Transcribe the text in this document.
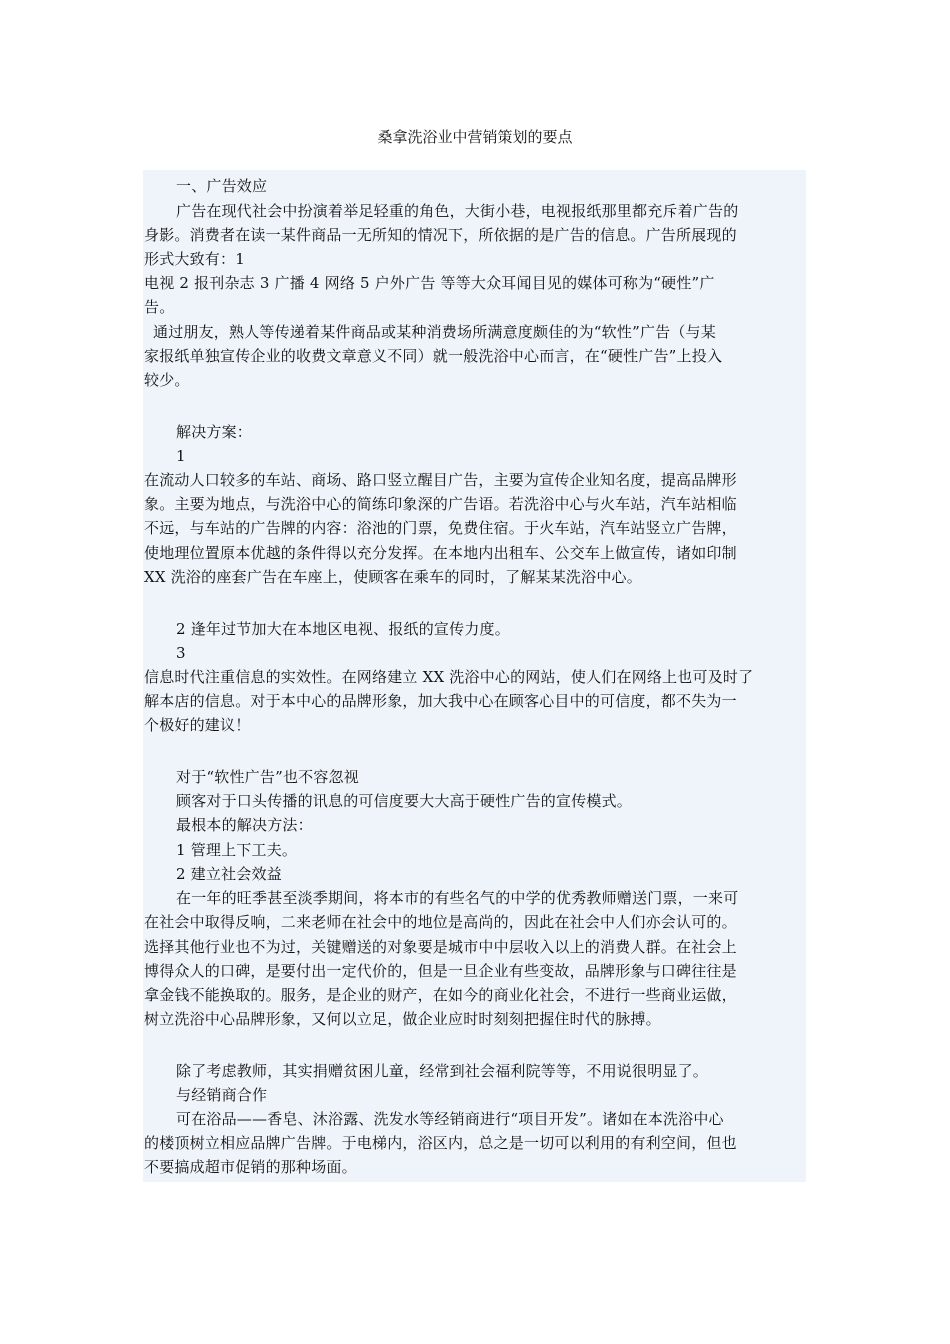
桑拿洗浴业中营销策划的要点
一、广告效应
广告在现代社会中扮演着举足轻重的角色，大街小巷，电视报纸那里都充斥着广告的
身影。消费者在读一某件商品一无所知的情况下，所依据的是广告的信息。广告所展现的
形式大致有：1
电视 2 报刊杂志 3 广播 4 网络 5 户外广告 等等大众耳闻目见的媒体可称为“硬性”广
告。
通过朋友，熟人等传递着某件商品或某种消费场所满意度颇佳的为“软性”广告（与某
家报纸单独宣传企业的收费文章意义不同）就一般洗浴中心而言，在“硬性广告”上投入
较少。
解决方案：
1
在流动人口较多的车站、商场、路口竖立醒目广告，主要为宣传企业知名度，提高品牌形
象。主要为地点，与洗浴中心的简练印象深的广告语。若洗浴中心与火车站，汽车站相临
不远，与车站的广告牌的内容：浴池的门票，免费住宿。于火车站，汽车站竖立广告牌，
使地理位置原本优越的条件得以充分发挥。在本地内出租车、公交车上做宣传，诸如印制
XX 洗浴的座套广告在车座上，使顾客在乘车的同时，了解某某洗浴中心。
2 逢年过节加大在本地区电视、报纸的宣传力度。
3
信息时代注重信息的实效性。在网络建立 XX 洗浴中心的网站，使人们在网络上也可及时了
解本店的信息。对于本中心的品牌形象，加大我中心在顾客心目中的可信度，都不失为一
个极好的建议！
对于“软性广告”也不容忽视
顾客对于口头传播的讯息的可信度要大大高于硬性广告的宣传模式。
最根本的解决方法：
1 管理上下工夫。
2 建立社会效益
在一年的旺季甚至淡季期间，将本市的有些名气的中学的优秀教师赠送门票，一来可
在社会中取得反响，二来老师在社会中的地位是高尚的，因此在社会中人们亦会认可的。
选择其他行业也不为过，关键赠送的对象要是城市中中层收入以上的消费人群。在社会上
博得众人的口碑，是要付出一定代价的，但是一旦企业有些变故，品牌形象与口碑往往是
拿金钱不能换取的。服务，是企业的财产，在如今的商业化社会，不进行一些商业运做，
树立洗浴中心品牌形象，又何以立足，做企业应时时刻刻把握住时代的脉搏。
除了考虑教师，其实捐赠贫困儿童，经常到社会福利院等等，不用说很明显了。
与经销商合作
可在浴品——香皂、沐浴露、洗发水等经销商进行“项目开发”。诸如在本洗浴中心
的楼顶树立相应品牌广告牌。于电梯内，浴区内，总之是一切可以利用的有利空间，但也
不要搞成超市促销的那种场面。
